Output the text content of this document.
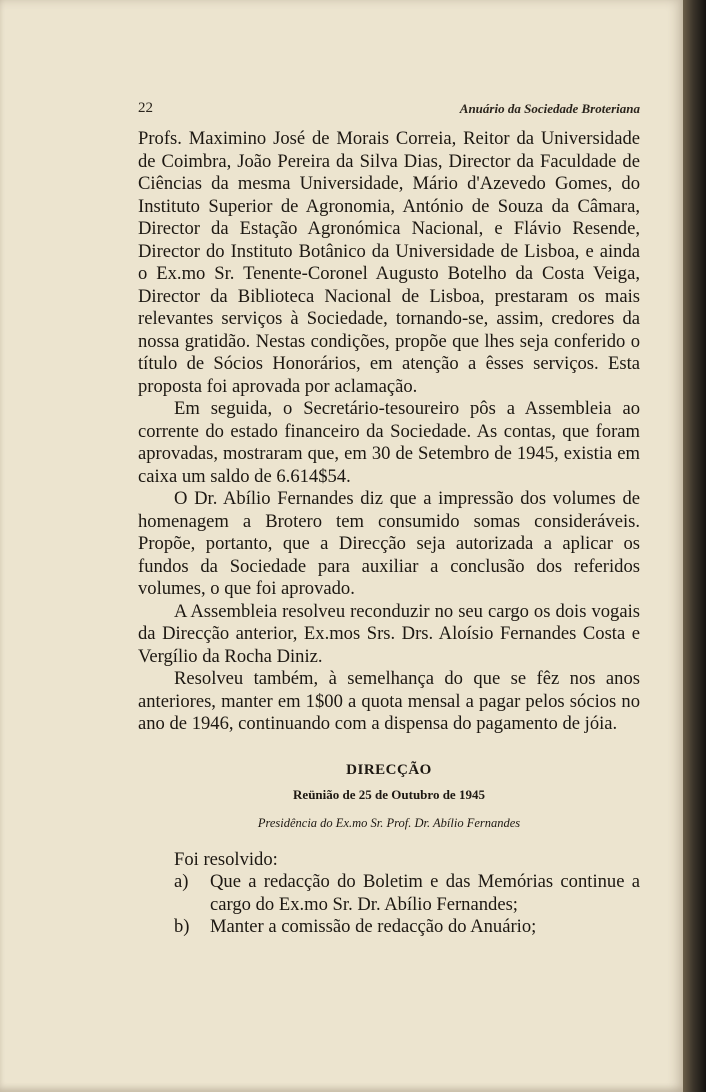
22	Anuário da Sociedade Broteriana

Profs. Maximino José de Morais Correia, Reitor da Universidade de Coimbra, João Pereira da Silva Dias, Director da Faculdade de Ciências da mesma Universidade, Mário d'Azevedo Gomes, do Instituto Superior de Agronomia, António de Souza da Câmara, Director da Estação Agronómica Nacional, e Flávio Resende, Director do Instituto Botânico da Universidade de Lisboa, e ainda o Ex.mo Sr. Tenente-Coronel Augusto Botelho da Costa Veiga, Director da Biblioteca Nacional de Lisboa, prestaram os mais relevantes serviços à Sociedade, tornando-se, assim, credores da nossa gratidão. Nestas condições, propõe que lhes seja conferido o título de Sócios Honorários, em atenção a êsses serviços. Esta proposta foi aprovada por aclamação.

Em seguida, o Secretário-tesoureiro pôs a Assembleia ao corrente do estado financeiro da Sociedade. As contas, que foram aprovadas, mostraram que, em 30 de Setembro de 1945, existia em caixa um saldo de 6.614$54.

O Dr. Abílio Fernandes diz que a impressão dos volumes de homenagem a Brotero tem consumido somas consideráveis. Propõe, portanto, que a Direcção seja autorizada a aplicar os fundos da Sociedade para auxiliar a conclusão dos referidos volumes, o que foi aprovado.

A Assembleia resolveu reconduzir no seu cargo os dois vogais da Direcção anterior, Ex.mos Srs. Drs. Aloísio Fernandes Costa e Vergílio da Rocha Diniz.

Resolveu também, à semelhança do que se fêz nos anos anteriores, manter em 1$00 a quota mensal a pagar pelos sócios no ano de 1946, continuando com a dispensa do pagamento de jóia.

DIRECÇÃO

Reünião de 25 de Outubro de 1945

Presidência do Ex.mo Sr. Prof. Dr. Abílio Fernandes

Foi resolvido:

a)	Que a redacção do Boletim e das Memórias continue a cargo do Ex.mo Sr. Dr. Abílio Fernandes;
b)	Manter a comissão de redacção do Anuário;
